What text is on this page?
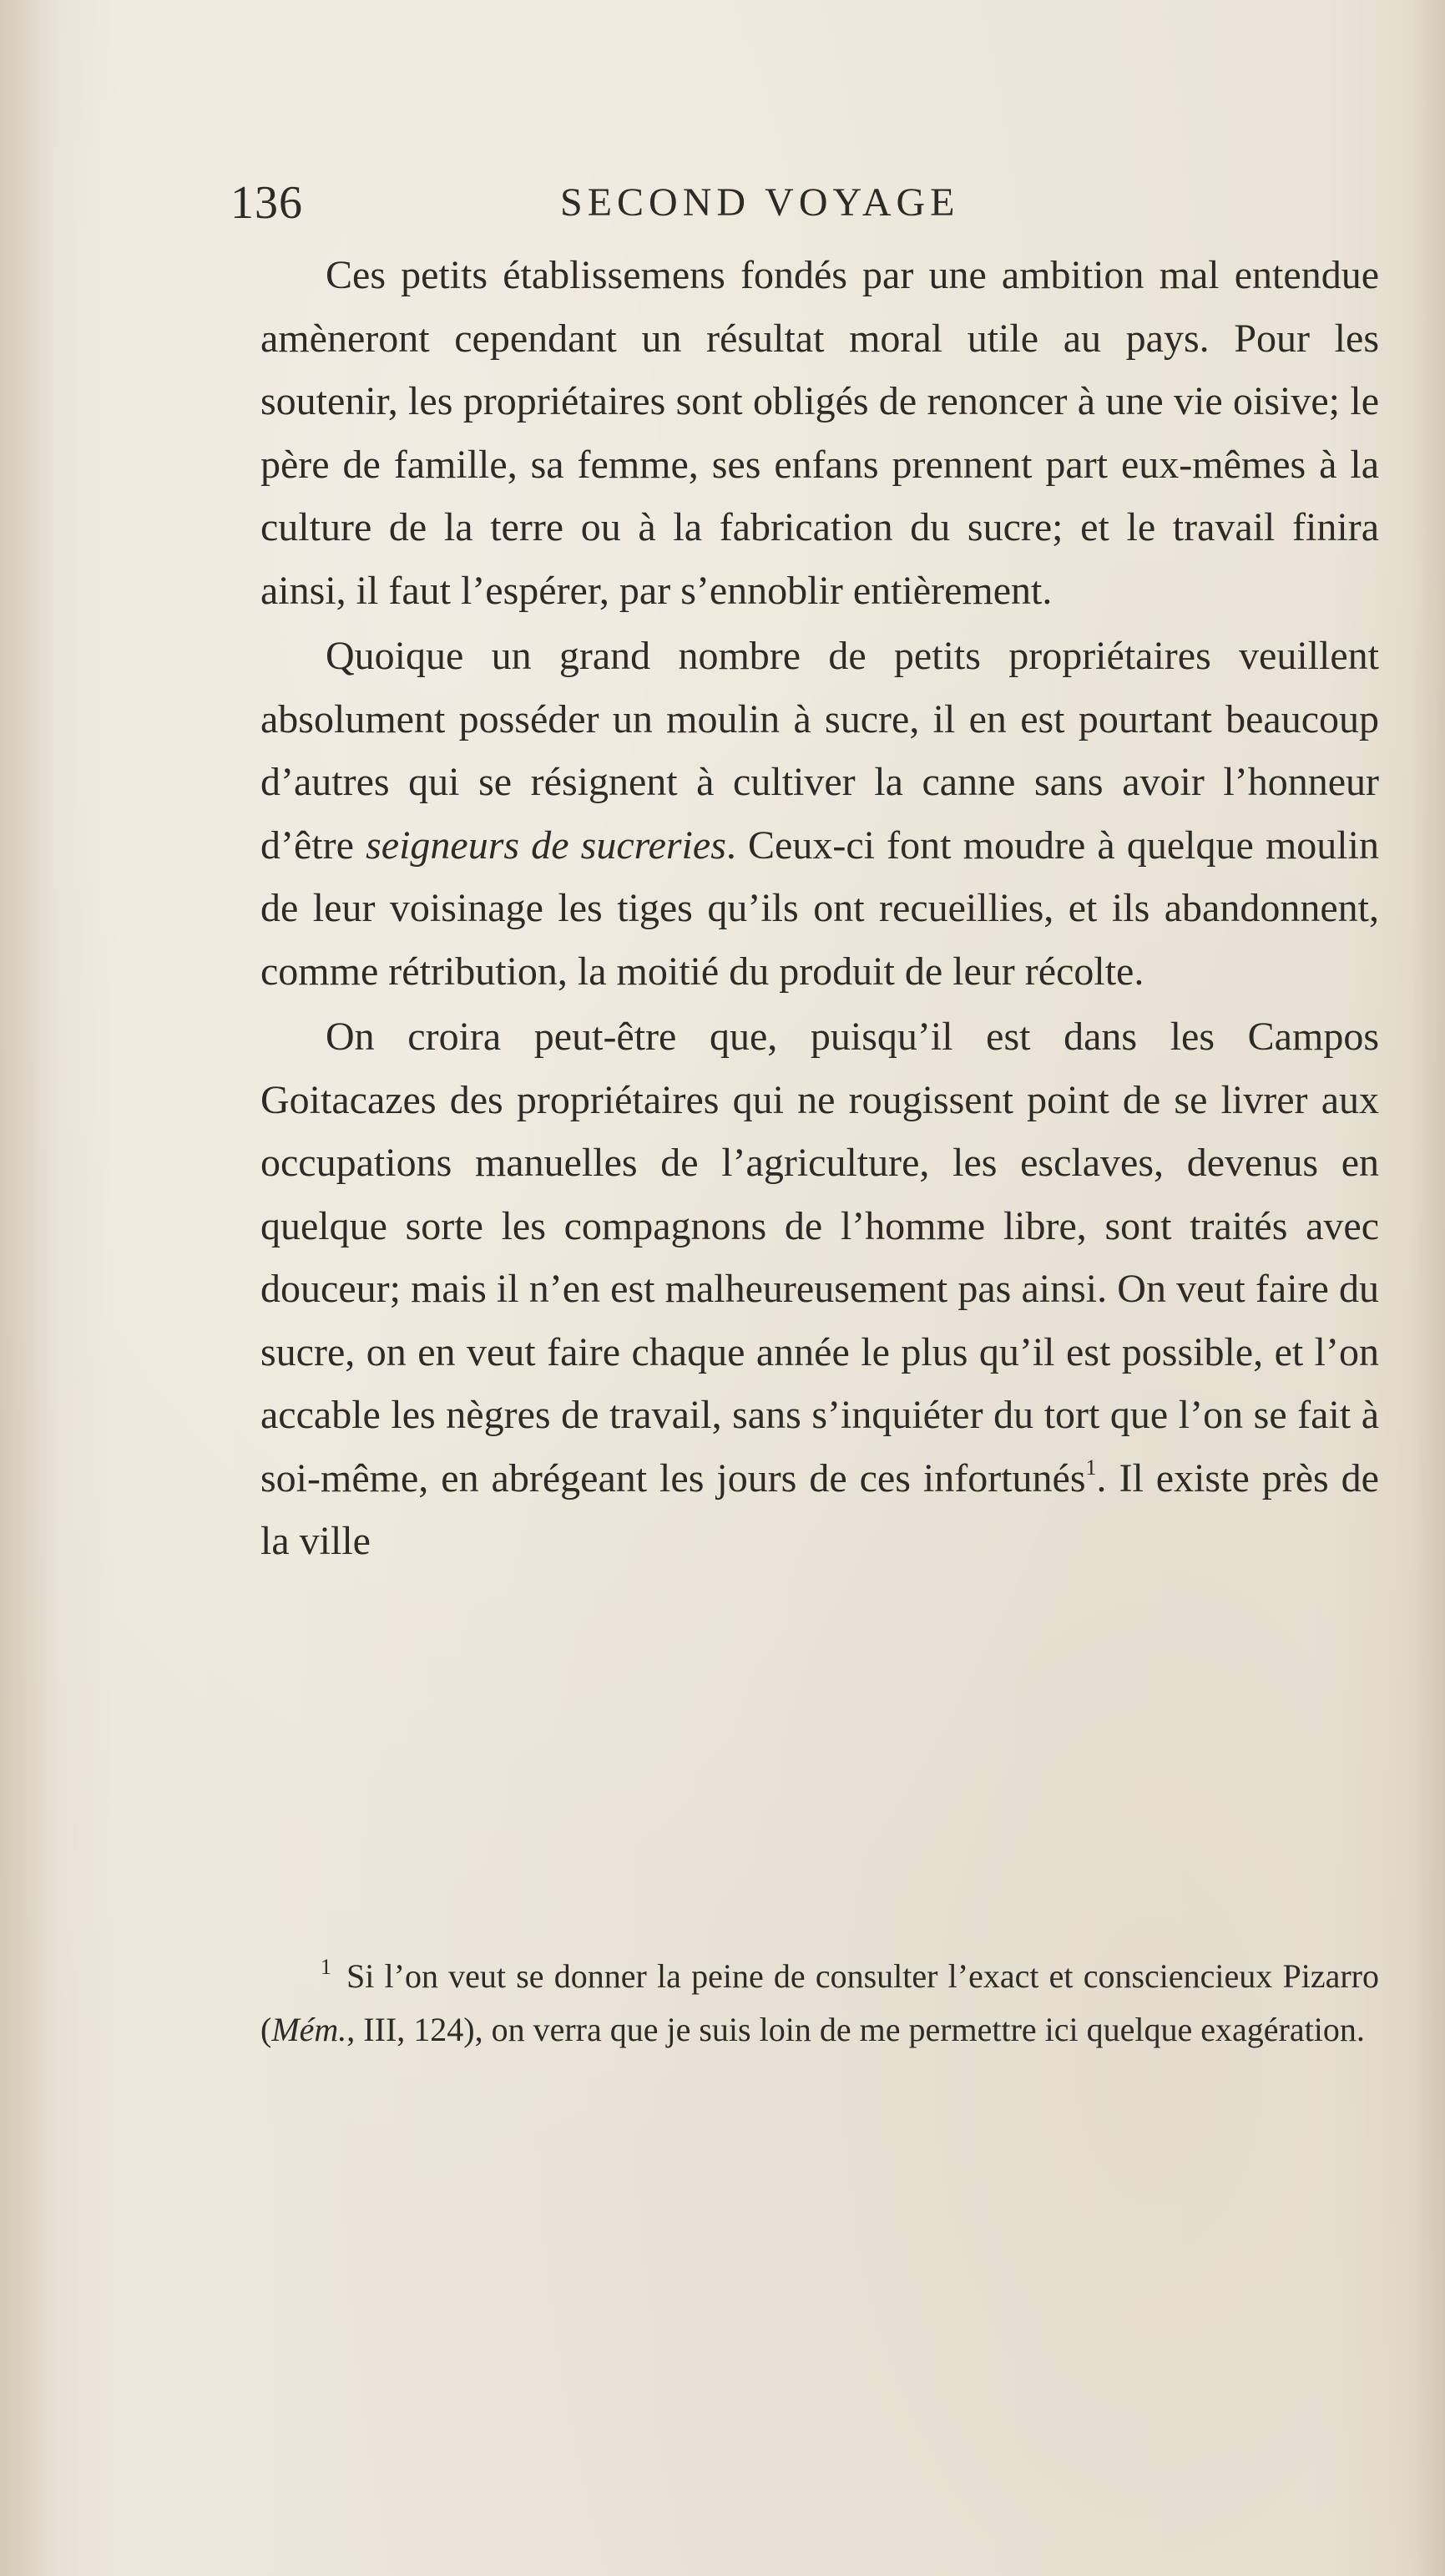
136	SECOND VOYAGE

Ces petits établissemens fondés par une ambition mal entendue amèneront cependant un résultat moral utile au pays. Pour les soutenir, les propriétaires sont obligés de renoncer à une vie oisive; le père de famille, sa femme, ses enfans prennent part eux-mêmes à la culture de la terre ou à la fabrication du sucre; et le travail finira ainsi, il faut l’espérer, par s’ennoblir entièrement.

Quoique un grand nombre de petits propriétaires veuillent absolument posséder un moulin à sucre, il en est pourtant beaucoup d’autres qui se résignent à cultiver la canne sans avoir l’honneur d’être seigneurs de sucreries. Ceux-ci font moudre à quelque moulin de leur voisinage les tiges qu’ils ont recueillies, et ils abandonnent, comme rétribution, la moitié du produit de leur récolte.

On croira peut-être que, puisqu’il est dans les Campos Goitacazes des propriétaires qui ne rougissent point de se livrer aux occupations manuelles de l’agriculture, les esclaves, devenus en quelque sorte les compagnons de l’homme libre, sont traités avec douceur; mais il n’en est malheureusement pas ainsi. On veut faire du sucre, on en veut faire chaque année le plus qu’il est possible, et l’on accable les nègres de travail, sans s’inquiéter du tort que l’on se fait à soi-même, en abrégeant les jours de ces infortunés$^1$. Il existe près de la ville

$^1$ Si l’on veut se donner la peine de consulter l’exact et consciencieux Pizarro (Mém., III, 124), on verra que je suis loin de me permettre ici quelque exagération.
